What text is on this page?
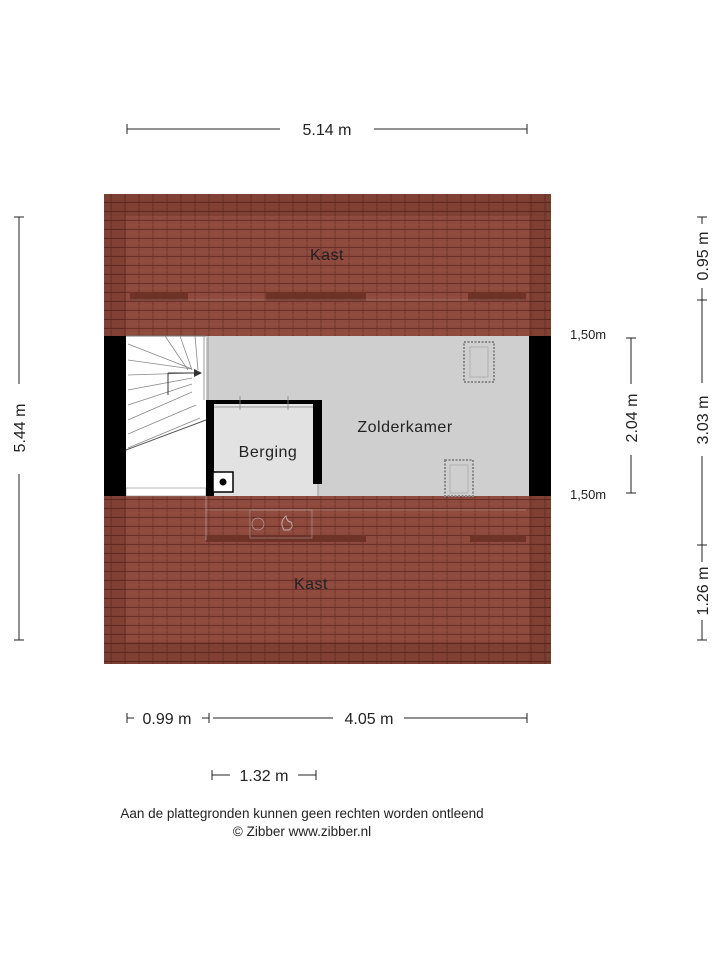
Kast
Kast
Zolderkamer
Berging
5.14 m
5.44 m
0.95 m
3.03 m
1.26 m
2.04 m
1,50m
1,50m
0.99 m	4.05 m
1.32 m
Aan de plattegronden kunnen geen rechten worden ontleend
© Zibber www.zibber.nl
